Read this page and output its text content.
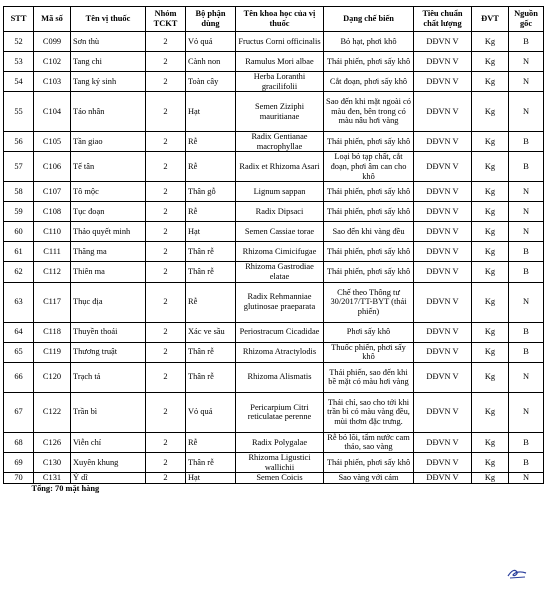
STT	Mã số	Tên vị thuốc	Nhóm TCKT	Bộ phận dùng	Tên khoa học của vị thuốc	Dạng chế biến	Tiêu chuẩn chất lượng	ĐVT	Nguồn gốc
52	C099	Sơn thù	2	Vỏ quả	Fructus Corni officinalis	Bỏ hạt, phơi khô	DĐVN V	Kg	B
53	C102	Tang chi	2	Cành non	Ramulus Mori albae	Thái phiến, phơi sấy khô	DĐVN V	Kg	N
54	C103	Tang ký sinh	2	Toàn cây	Herba Loranthi gracilifolii	Cắt đoạn, phơi sấy khô	DĐVN V	Kg	N
55	C104	Táo nhân	2	Hạt	Semen Ziziphi mauritianae	Sao đến khi mặt ngoài có màu đen, bên trong có màu nâu hơi vàng	DĐVN V	Kg	N
56	C105	Tần giao	2	Rễ	Radix Gentianae macrophyllae	Thái phiến, phơi sấy khô	DĐVN V	Kg	B
57	C106	Tế tân	2	Rễ	Radix et Rhizoma Asari	Loại bỏ tạp chất, cắt đoạn, phơi âm can cho khô	DĐVN V	Kg	B
58	C107	Tô mộc	2	Thân gỗ	Lignum sappan	Thái phiến, phơi sấy khô	DĐVN V	Kg	N
59	C108	Tục đoạn	2	Rễ	Radix Dipsaci	Thái phiến, phơi sấy khô	DĐVN V	Kg	N
60	C110	Thảo quyết minh	2	Hạt	Semen Cassiae torae	Sao đến khi vàng đều	DĐVN V	Kg	N
61	C111	Thăng ma	2	Thân rễ	Rhizoma Cimicifugae	Thái phiến, phơi sấy khô	DĐVN V	Kg	B
62	C112	Thiên ma	2	Thân rễ	Rhizoma Gastrodiae elatae	Thái phiến, phơi sấy khô	DĐVN V	Kg	B
63	C117	Thục địa	2	Rễ	Radix Rehmanniae glutinosae praeparata	Chế theo Thông tư 30/2017/TT-BYT (thái phiến)	DĐVN V	Kg	N
64	C118	Thuyền thoái	2	Xác ve sầu	Periostracum Cicadidae	Phơi sấy khô	DĐVN V	Kg	B
65	C119	Thương truật	2	Thân rễ	Rhizoma Atractylodis	Thuốc phiến, phơi sấy khô	DĐVN V	Kg	B
66	C120	Trạch tả	2	Thân rễ	Rhizoma Alismatis	Thái phiến, sao đến khi bề mặt có màu hơi vàng	DĐVN V	Kg	N
67	C122	Trần bì	2	Vỏ quả	Pericarpium Citri reticulatae perenne	Thái chỉ, sao cho tới khi trần bì có màu vàng đều, mùi thơm đặc trưng.	DĐVN V	Kg	N
68	C126	Viễn chí	2	Rễ	Radix Polygalae	Rễ bỏ lõi, tẩm nước cam thảo, sao vàng	DĐVN V	Kg	B
69	C130	Xuyên khung	2	Thân rễ	Rhizoma Ligustici wallichii	Thái phiến, phơi sấy khô	DĐVN V	Kg	B
70	C131	Ý dĩ	2	Hạt	Semen Coicis	Sao vàng với cám	DĐVN V	Kg	N
Tổng: 70 mặt hàng									
